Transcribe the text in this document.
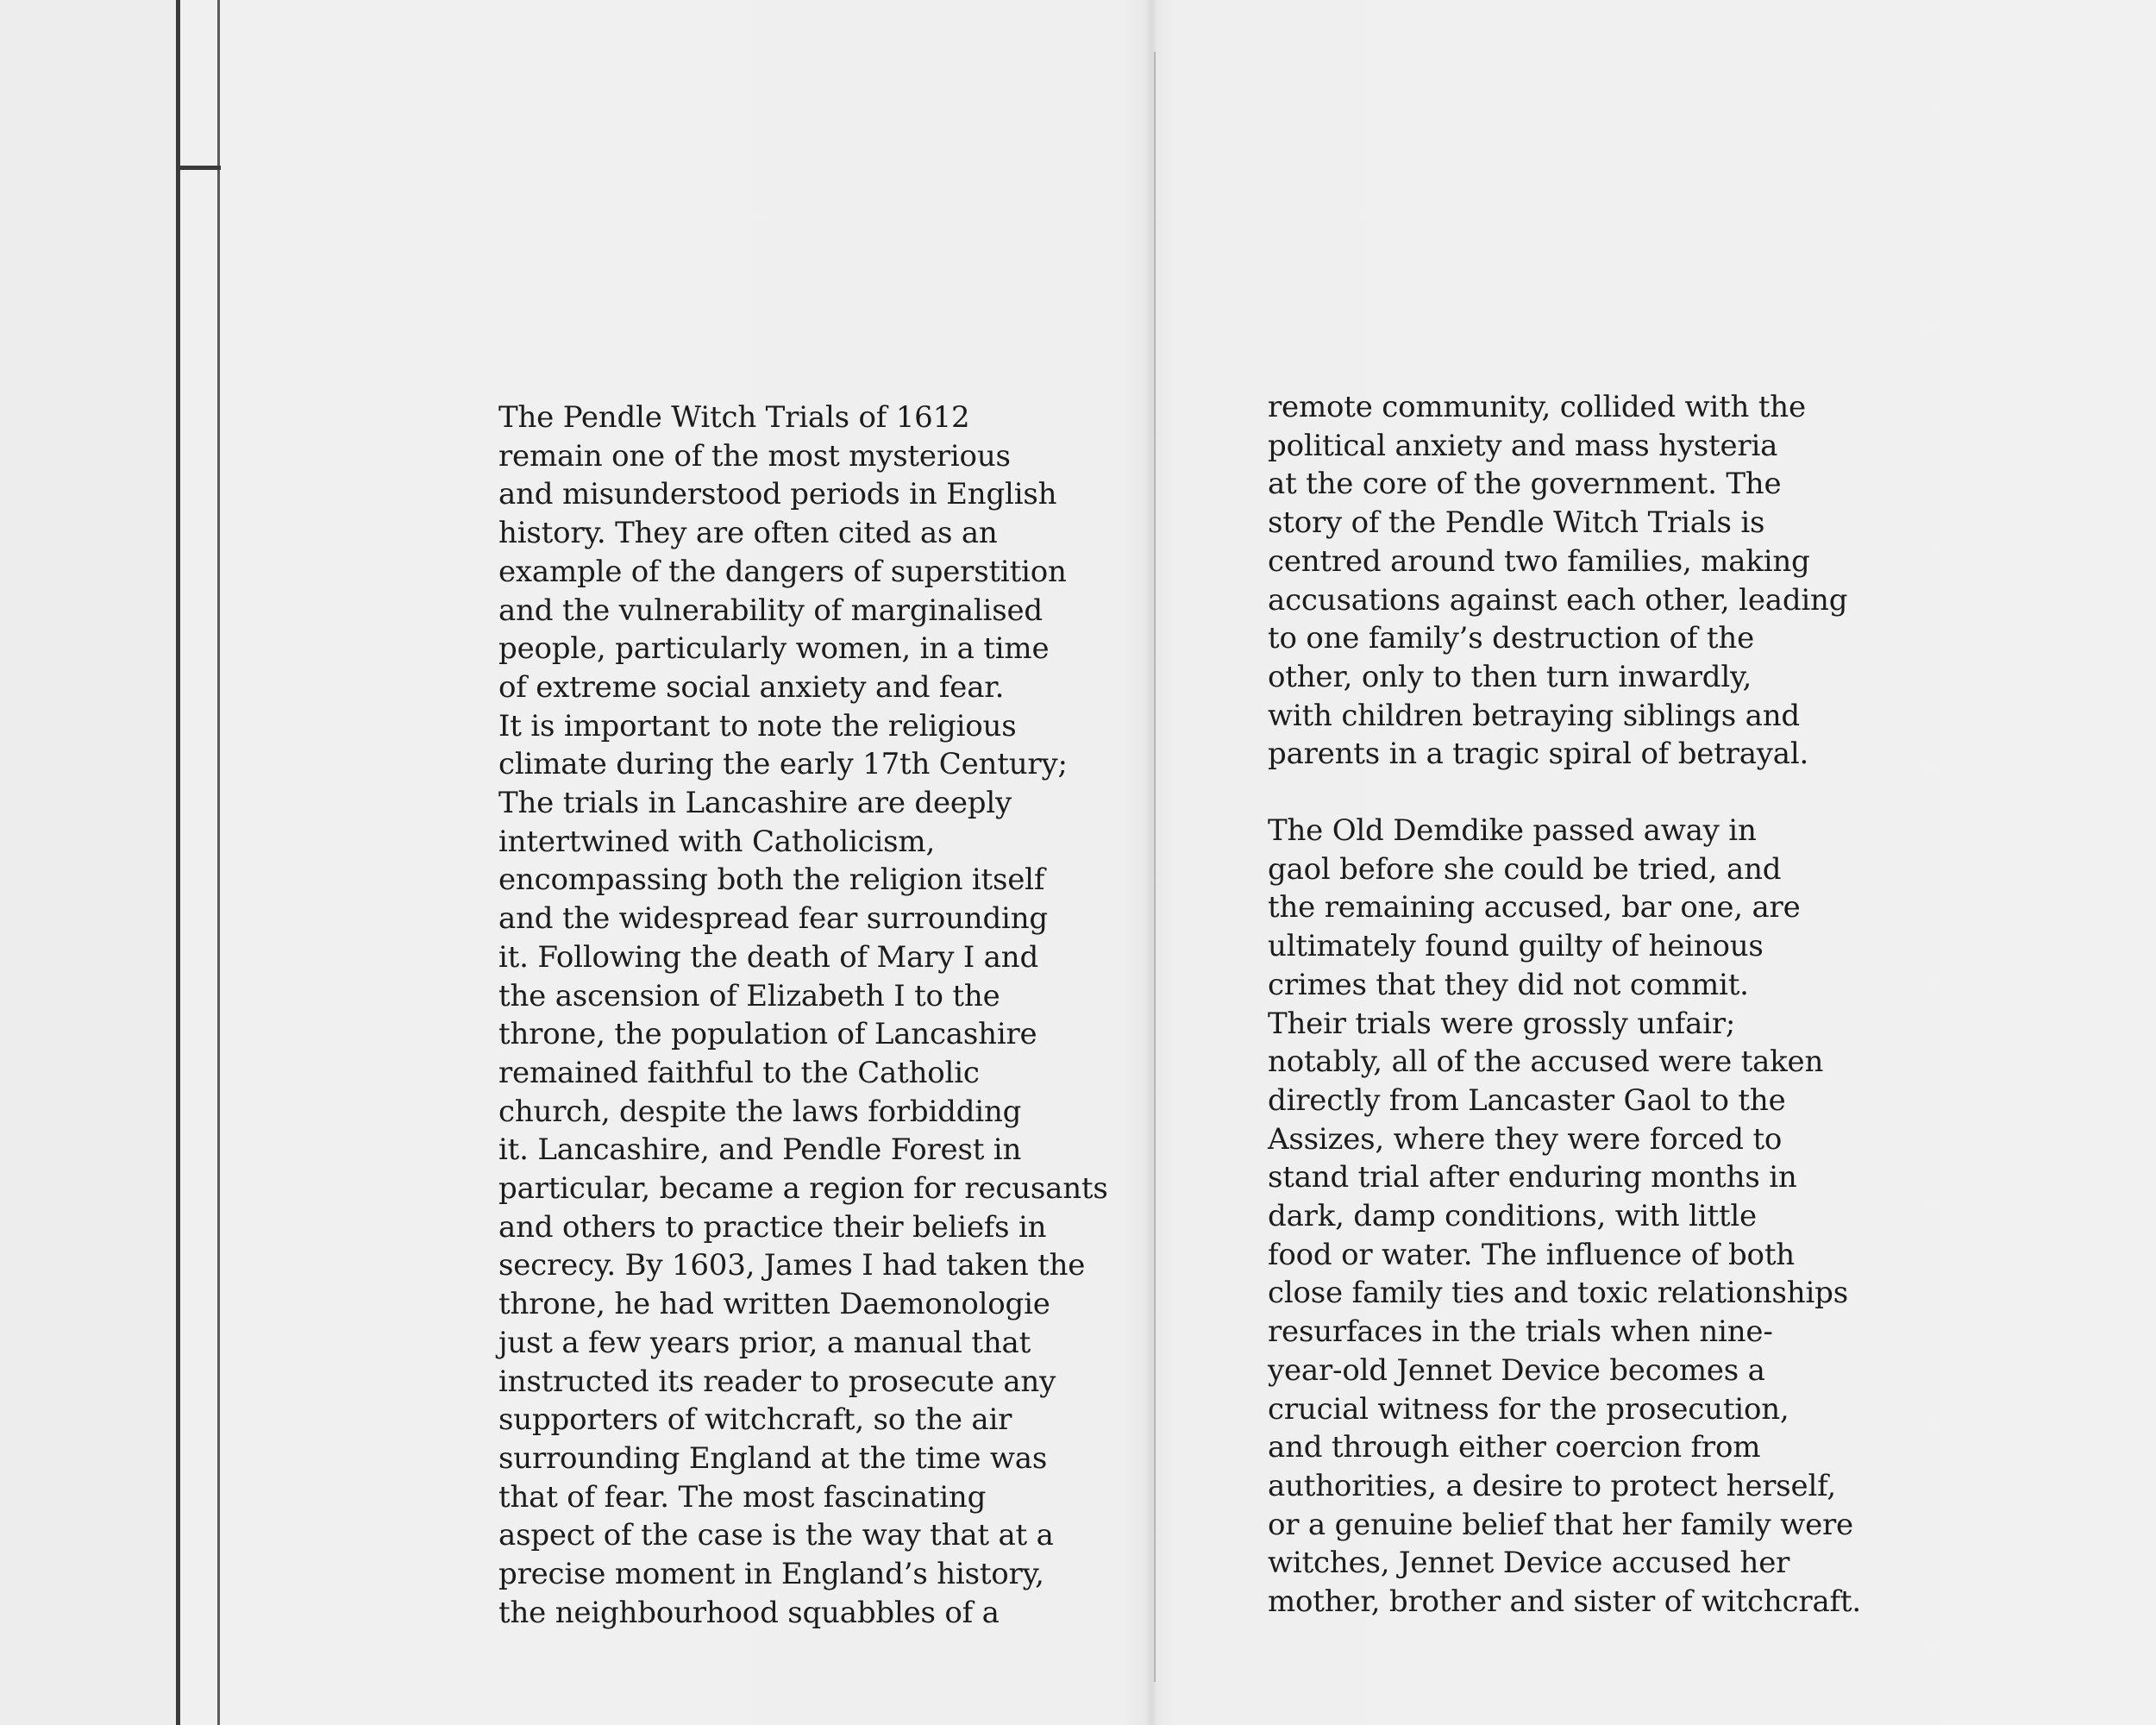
The Pendle Witch Trials of 1612
remain one of the most mysterious
and misunderstood periods in English
history. They are often cited as an
example of the dangers of superstition
and the vulnerability of marginalised
people, particularly women, in a time
of extreme social anxiety and fear.
It is important to note the religious
climate during the early 17th Century;
The trials in Lancashire are deeply
intertwined with Catholicism,
encompassing both the religion itself
and the widespread fear surrounding
it. Following the death of Mary I and
the ascension of Elizabeth I to the
throne, the population of Lancashire
remained faithful to the Catholic
church, despite the laws forbidding
it. Lancashire, and Pendle Forest in
particular, became a region for recusants
and others to practice their beliefs in
secrecy. By 1603, James I had taken the
throne, he had written Daemonologie
just a few years prior, a manual that
instructed its reader to prosecute any
supporters of witchcraft, so the air
surrounding England at the time was
that of fear. The most fascinating
aspect of the case is the way that at a
precise moment in England’s history,
the neighbourhood squabbles of a
remote community, collided with the
political anxiety and mass hysteria
at the core of the government. The
story of the Pendle Witch Trials is
centred around two families, making
accusations against each other, leading
to one family’s destruction of the
other, only to then turn inwardly,
with children betraying siblings and
parents in a tragic spiral of betrayal.
The Old Demdike passed away in
gaol before she could be tried, and
the remaining accused, bar one, are
ultimately found guilty of heinous
crimes that they did not commit.
Their trials were grossly unfair;
notably, all of the accused were taken
directly from Lancaster Gaol to the
Assizes, where they were forced to
stand trial after enduring months in
dark, damp conditions, with little
food or water. The influence of both
close family ties and toxic relationships
resurfaces in the trials when nine-
year-old Jennet Device becomes a
crucial witness for the prosecution,
and through either coercion from
authorities, a desire to protect herself,
or a genuine belief that her family were
witches, Jennet Device accused her
mother, brother and sister of witchcraft.
